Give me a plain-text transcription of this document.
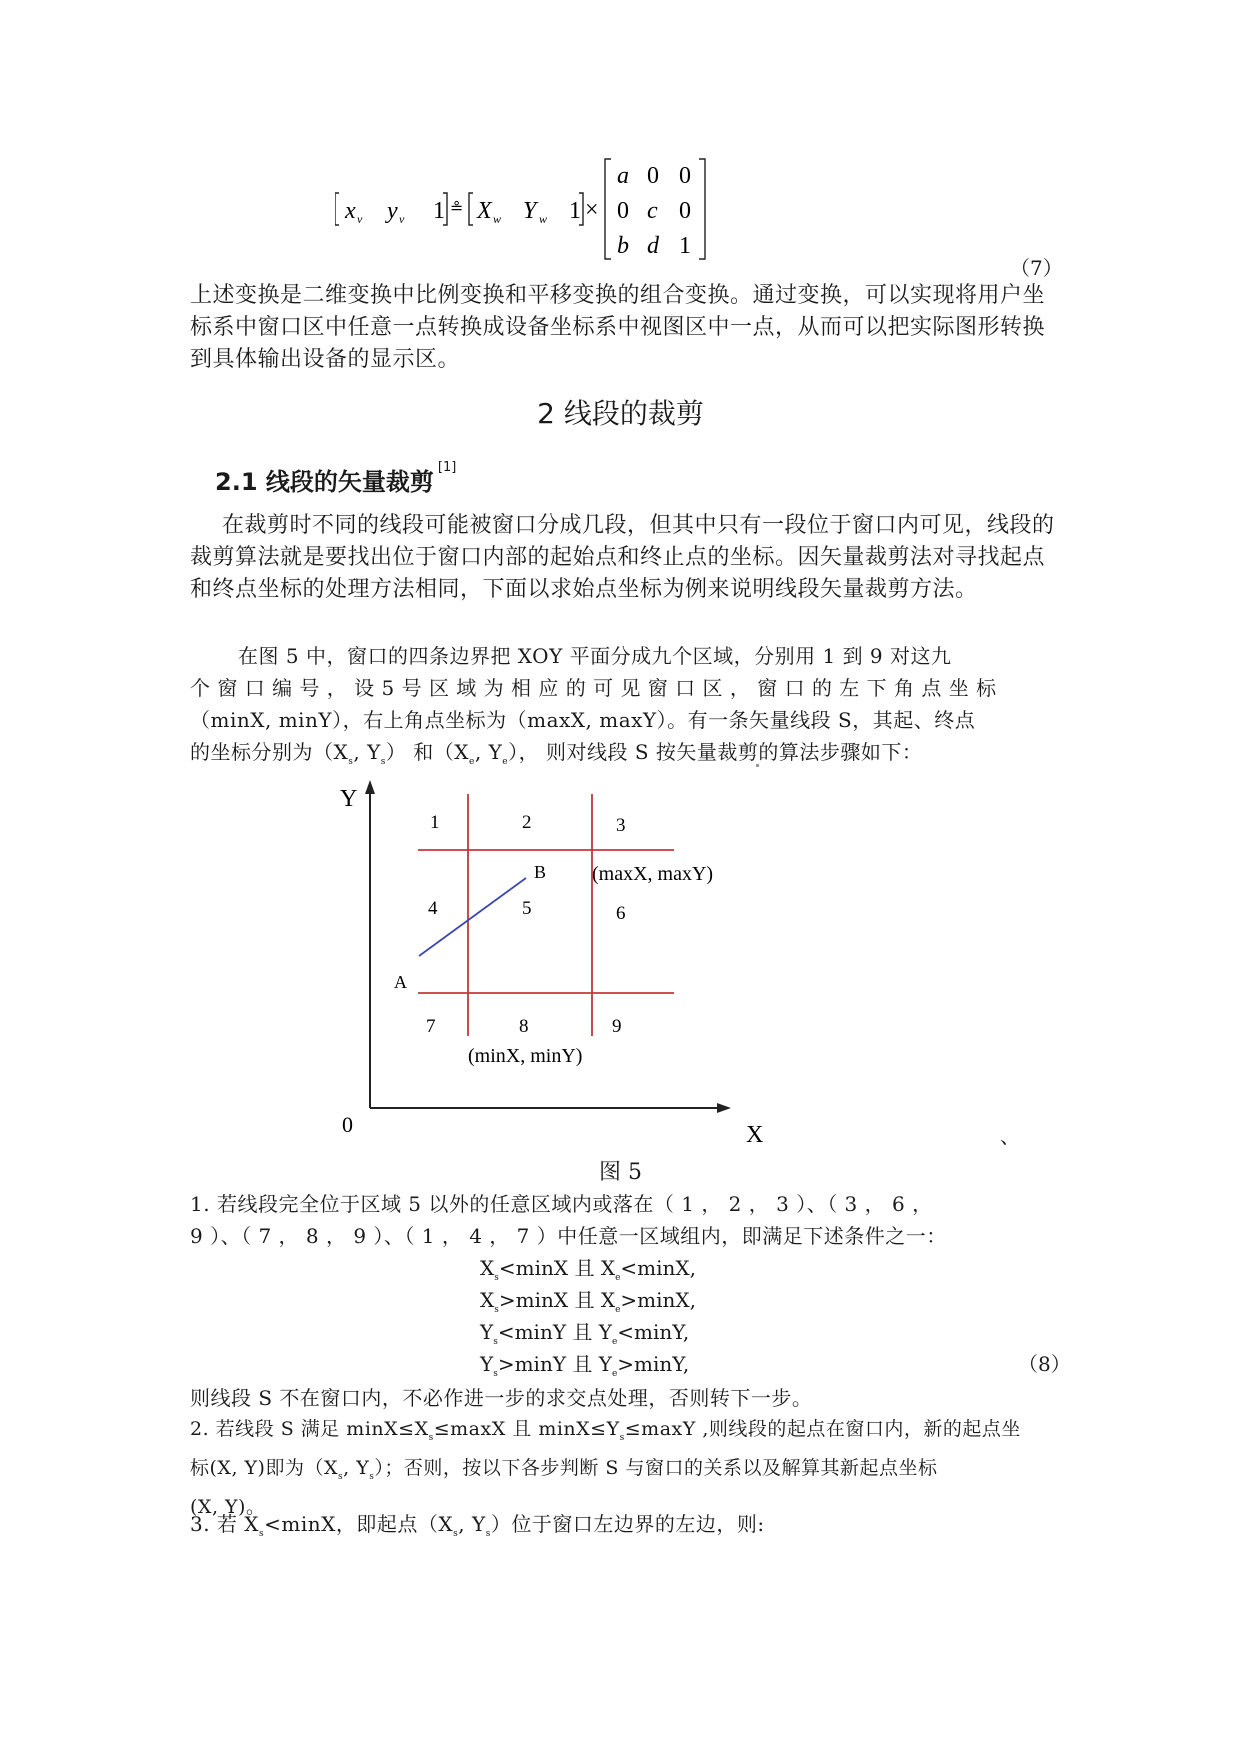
x v y v 1 ≗ X w Y w 1 ×
a 0 0
0 c 0
b d 1
（7）
上述变换是二维变换中比例变换和平移变换的组合变换。通过变换，可以实现将用户坐标系中窗口区中任意一点转换成设备坐标系中视图区中一点，从而可以把实际图形转换到具体输出设备的显示区。
2 线段的裁剪
2.1 线段的矢量裁剪[1]
在裁剪时不同的线段可能被窗口分成几段，但其中只有一段位于窗口内可见，线段的裁剪算法就是要找出位于窗口内部的起始点和终止点的坐标。因矢量裁剪法对寻找起点和终点坐标的处理方法相同，下面以求始点坐标为例来说明线段矢量裁剪方法。
在图 5 中，窗口的四条边界把 XOY 平面分成九个区域，分别用 1 到 9 对这九
个 窗 口 编 号 ， 设 5 号 区 域 为 相 应 的 可 见 窗 口 区 ， 窗 口 的 左 下 角 点 坐 标
（minX, minY），右上角点坐标为（maxX, maxY）。有一条矢量线段 S，其起、终点
的坐标分别为（$X_s$, $Y_s$） 和（$X_e$, $Y_e$）， 则对线段 S 按矢量裁剪的算法步骤如下：
Y
X
0
1	2	3
4	5	6
7	8	9
A
B (maxX, maxY)
(minX, minY)
、
图 5
1. 若线段完全位于区域 5 以外的任意区域内或落在（ 1 ， 2 ， 3 ）、（ 3 ， 6 ，
9 ）、（ 7 ， 8 ， 9 ）、（ 1 ， 4 ， 7 ）中任意一区域组内，即满足下述条件之一：
$X_s<\min X$ 且 $X_e<\min X$,
$X_s>\min X$ 且 $X_e>\min X$,
$Y_s<\min Y$ 且 $Y_e<\min Y$,
$Y_s>\min Y$ 且 $Y_e>\min Y$,	（8）
则线段 S 不在窗口内，不必作进一步的求交点处理，否则转下一步。
2. 若线段 S 满足 $\min X\le X_s\le\max X$ 且 $\min X\le Y_s\le\max Y$ ,则线段的起点在窗口内，新的起点坐
标(X, Y)即为（$X_s$, $Y_s$）；否则，按以下各步判断 S 与窗口的关系以及解算其新起点坐标
(X, Y)。
3. 若 $X_s<\min X$，即起点（$X_s$, $Y_s$）位于窗口左边界的左边，则:
